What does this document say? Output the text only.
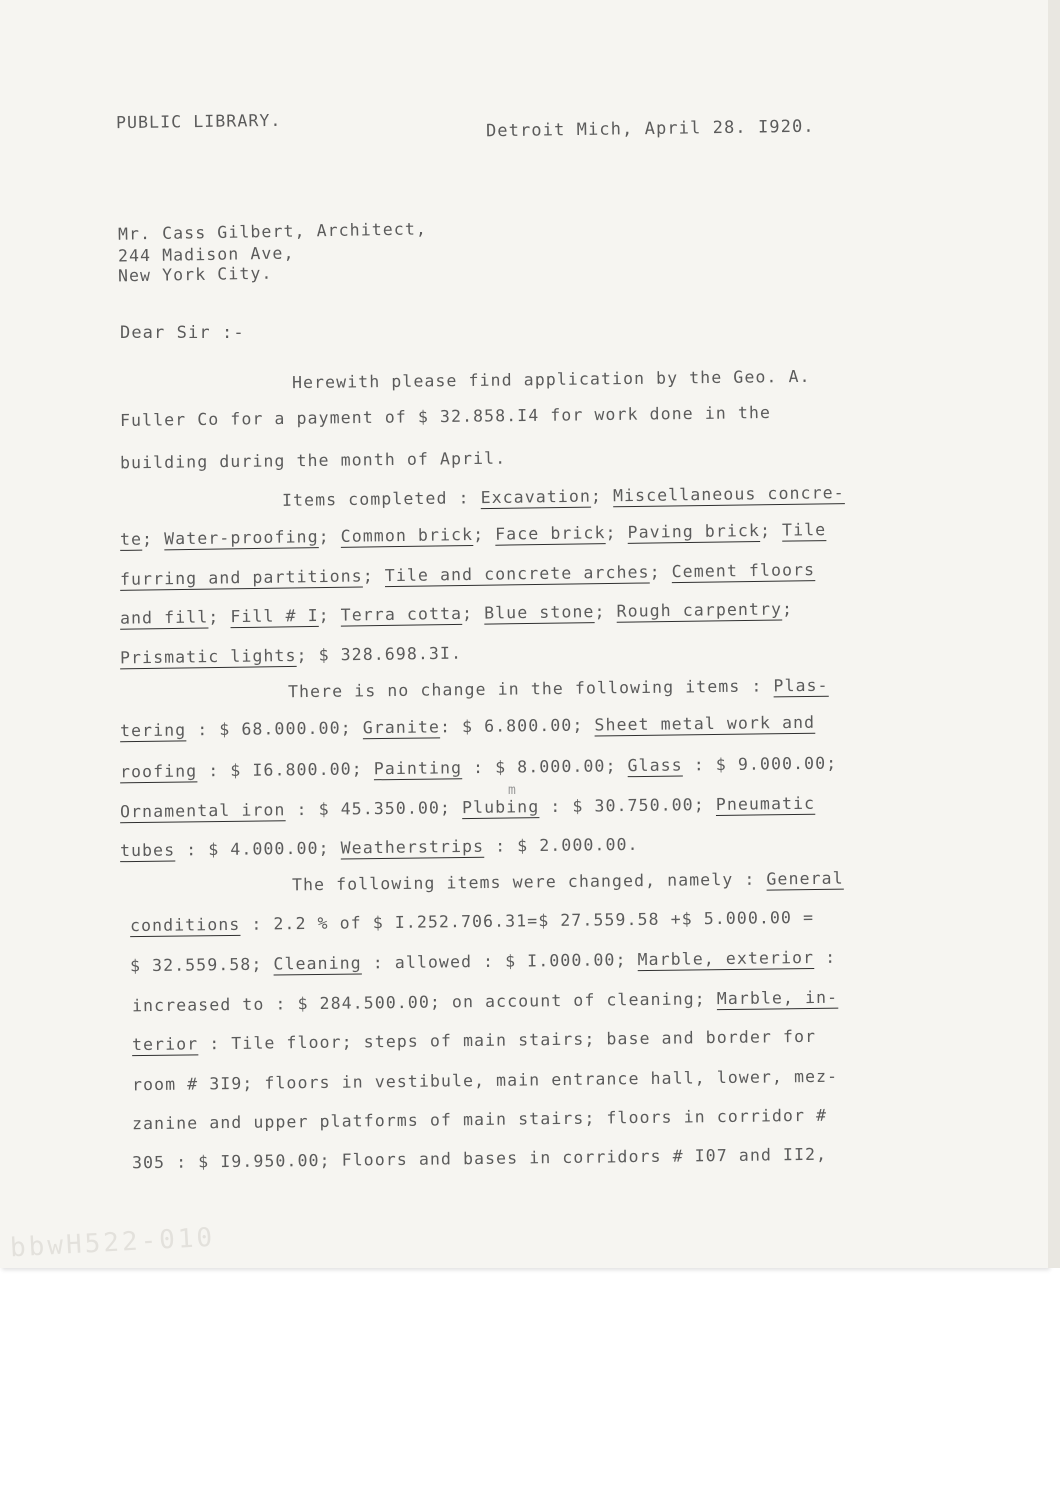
PUBLIC LIBRARY.	Detroit Mich, April 28. I920.
Mr. Cass Gilbert, Architect,
244 Madison Ave,
New York City.
Dear Sir :-
Herewith please find application by the Geo. A.
Fuller Co for a payment of $ 32.858.I4 for work done in the
building during the month of April.
Items completed : Excavation; Miscellaneous concre-
te; Water-proofing; Common brick; Face brick; Paving brick; Tile
furring and partitions; Tile and concrete arches; Cement floors
and fill; Fill # I; Terra cotta; Blue stone; Rough carpentry;
Prismatic lights; $ 328.698.3I.
There is no change in the following items : Plas-
tering : $ 68.000.00; Granite: $ 6.800.00; Sheet metal work and
roofing : $ I6.800.00; Painting : $ 8.000.00; Glass : $ 9.000.00;
m
Ornamental iron : $ 45.350.00; Plubing : $ 30.750.00; Pneumatic
tubes : $ 4.000.00; Weatherstrips : $ 2.000.00.
The following items were changed, namely : General
conditions : 2.2 % of $ I.252.706.31=$ 27.559.58 +$ 5.000.00 =
$ 32.559.58; Cleaning : allowed : $ I.000.00; Marble, exterior :
increased to : $ 284.500.00; on account of cleaning; Marble, in-
terior : Tile floor; steps of main stairs; base and border for
room # 3I9; floors in vestibule, main entrance hall, lower, mez-
zanine and upper platforms of main stairs; floors in corridor #
305 : $ I9.950.00; Floors and bases in corridors # I07 and II2,
bbwH522-010
